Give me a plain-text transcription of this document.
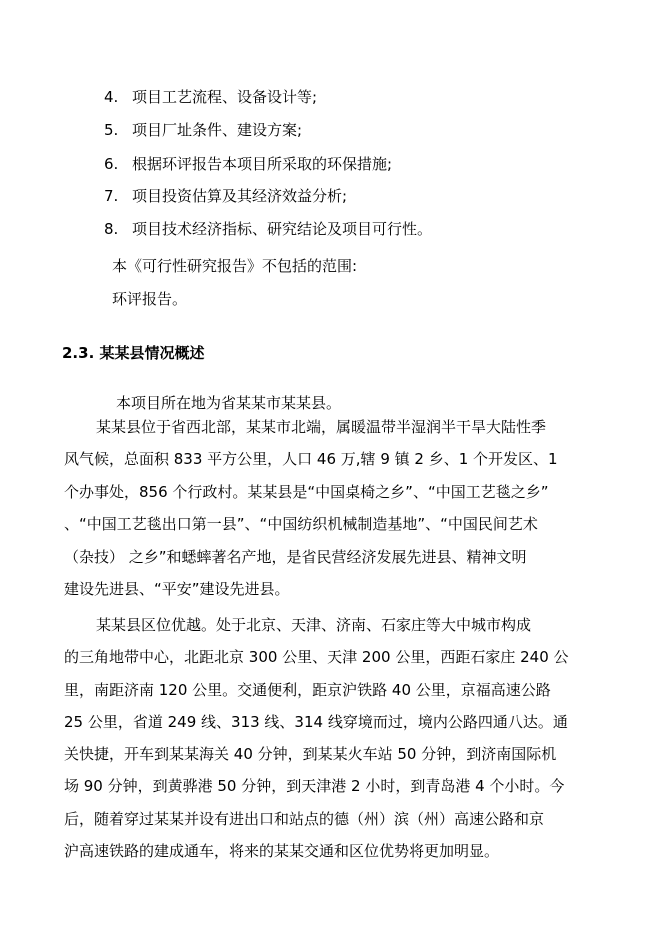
4. 项目工艺流程、设备设计等;
5. 项目厂址条件、建设方案;
6. 根据环评报告本项目所采取的环保措施;
7. 项目投资估算及其经济效益分析;
8. 项目技术经济指标、研究结论及项目可行性。
本《可行性研究报告》不包括的范围:
环评报告。
2.3. 某某县情况概述
本项目所在地为省某某市某某县。
某某县位于省西北部，某某市北端，属暖温带半湿润半干旱大陆性季
风气候，总面积 833 平方公里，人口 46 万,辖 9 镇 2 乡、1 个开发区、1
个办事处，856 个行政村。某某县是“中国桌椅之乡”、“中国工艺毯之乡”
、“中国工艺毯出口第一县”、“中国纺织机械制造基地”、“中国民间艺术
（杂技） 之乡”和蟋蟀著名产地，是省民营经济发展先进县、精神文明
建设先进县、“平安”建设先进县。
某某县区位优越。处于北京、天津、济南、石家庄等大中城市构成
的三角地带中心，北距北京 300 公里、天津 200 公里，西距石家庄 240 公
里，南距济南 120 公里。交通便利，距京沪铁路 40 公里，京福高速公路
25 公里，省道 249 线、313 线、314 线穿境而过，境内公路四通八达。通
关快捷，开车到某某海关 40 分钟，到某某火车站 50 分钟，到济南国际机
场 90 分钟，到黄骅港 50 分钟，到天津港 2 小时，到青岛港 4 个小时。今
后，随着穿过某某并设有进出口和站点的德（州）滨（州）高速公路和京
沪高速铁路的建成通车，将来的某某交通和区位优势将更加明显。
